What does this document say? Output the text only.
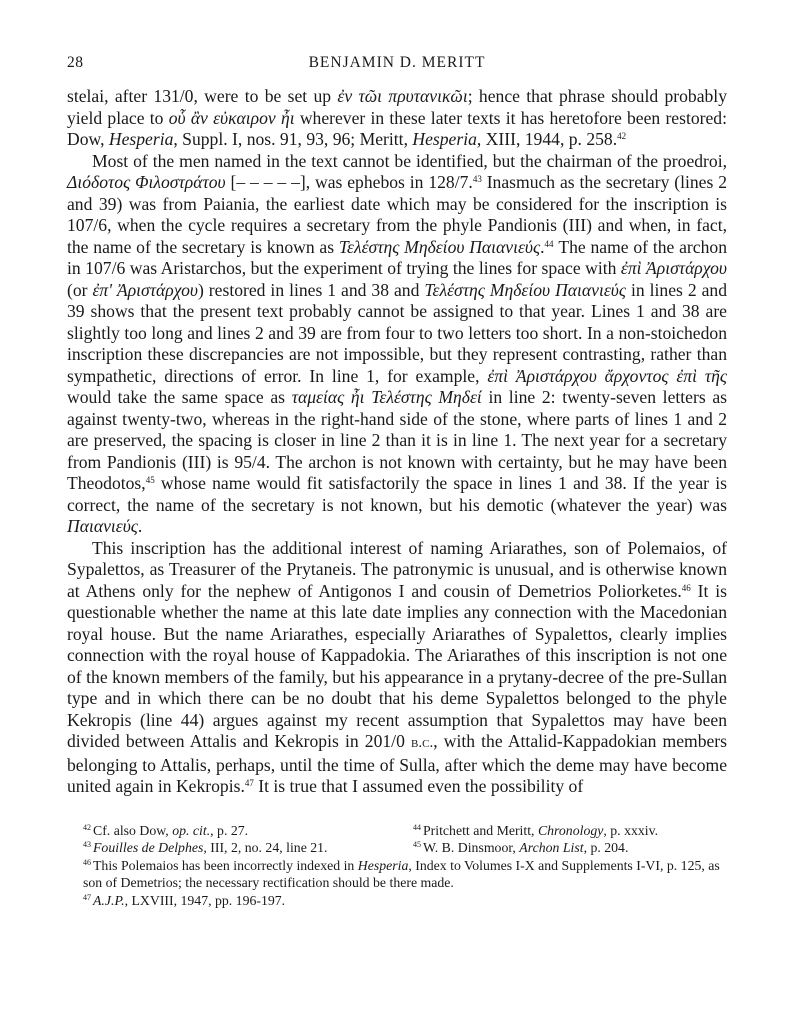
28	BENJAMIN D. MERITT

stelai, after 131/0, were to be set up ἐν τῶι πρυτανικῶι; hence that phrase should probably yield place to οὗ ἂν εὐκαιρον ἦι wherever in these later texts it has heretofore been restored: Dow, Hesperia, Suppl. I, nos. 91, 93, 96; Meritt, Hesperia, XIII, 1944, p. 258.42

Most of the men named in the text cannot be identified, but the chairman of the proedroi, Διόδοτος Φιλοστράτου [– – – – –], was ephebos in 128/7.43 Inasmuch as the secretary (lines 2 and 39) was from Paiania, the earliest date which may be considered for the inscription is 107/6, when the cycle requires a secretary from the phyle Pandionis (III) and when, in fact, the name of the secretary is known as Τελέστης Μηδείου Παιανιεύς.$^{44}$ The name of the archon in 107/6 was Aristarchos, but the experiment of trying the lines for space with ἐπὶ Ἀριστάρχου (or ἐπ' Ἀριστάρχου) restored in lines 1 and 38 and Τελέστης Μηδείου Παιανιεύς in lines 2 and 39 shows that the present text probably cannot be assigned to that year. Lines 1 and 38 are slightly too long and lines 2 and 39 are from four to two letters too short. In a non-stoichedon inscription these discrepancies are not impossible, but they represent contrasting, rather than sympathetic, directions of error. In line 1, for example, ἐπὶ Ἀριστάρχου ἄρχοντος ἐπὶ τῆς would take the same space as ταμείας ἦι Τελέστης Μηδεί in line 2: twenty-seven letters as against twenty-two, whereas in the right-hand side of the stone, where parts of lines 1 and 2 are preserved, the spacing is closer in line 2 than it is in line 1. The next year for a secretary from Pandionis (III) is 95/4. The archon is not known with certainty, but he may have been Theodotos,$^{45}$ whose name would fit satisfactorily the space in lines 1 and 38. If the year is correct, the name of the secretary is not known, but his demotic (whatever the year) was Παιανιεύς.

This inscription has the additional interest of naming Ariarathes, son of Polemaios, of Sypalettos, as Treasurer of the Prytaneis. The patronymic is unusual, and is otherwise known at Athens only for the nephew of Antigonos I and cousin of Demetrios Poliorketes.$^{46}$ It is questionable whether the name at this late date implies any connection with the Macedonian royal house. But the name Ariarathes, especially Ariarathes of Sypalettos, clearly implies connection with the royal house of Kappadokia. The Ariarathes of this inscription is not one of the known members of the family, but his appearance in a prytany-decree of the pre-Sullan type and in which there can be no doubt that his deme Sypalettos belonged to the phyle Kekropis (line 44) argues against my recent assumption that Sypalettos may have been divided between Attalis and Kekropis in 201/0 b.c., with the Attalid-Kappadokian members belonging to Attalis, perhaps, until the time of Sulla, after which the deme may have become united again in Kekropis.$^{47}$ It is true that I assumed even the possibility of

$^{42}$ Cf. also Dow, op. cit., p. 27.	$^{44}$ Pritchett and Meritt, Chronology, p. xxxiv.
$^{43}$ Fouilles de Delphes, III, 2, no. 24, line 21.	$^{45}$ W. B. Dinsmoor, Archon List, p. 204.
$^{46}$ This Polemaios has been incorrectly indexed in Hesperia, Index to Volumes I-X and Supplements I-VI, p. 125, as son of Demetrios; the necessary rectification should be there made.
$^{47}$ A.J.P., LXVIII, 1947, pp. 196-197.
